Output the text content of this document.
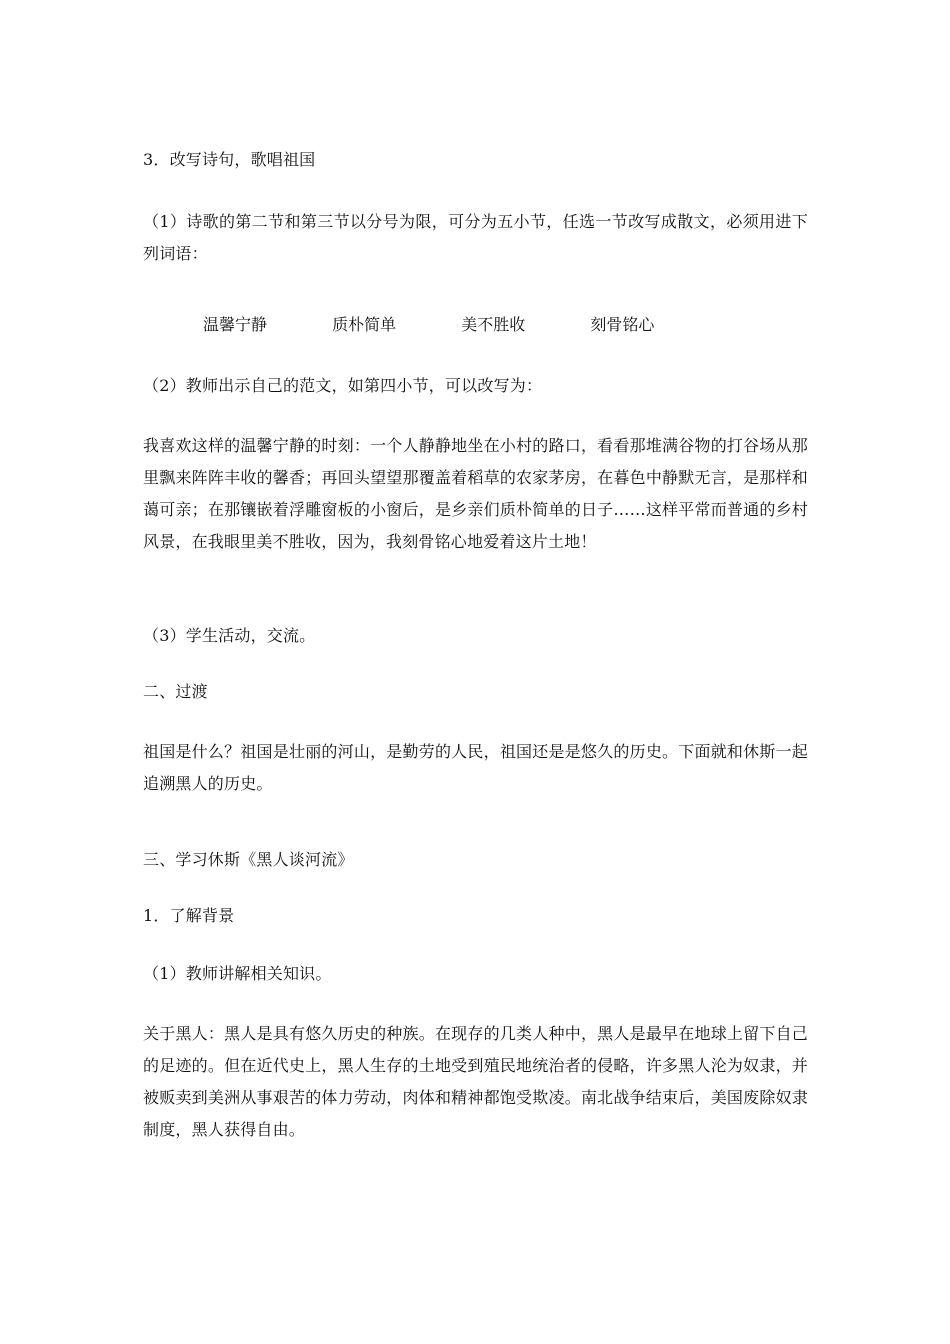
3．改写诗句，歌唱祖国
（1）诗歌的第二节和第三节以分号为限，可分为五小节，任选一节改写成散文，必须用进下列词语：
温馨宁静	质朴简单	美不胜收	刻骨铭心
（2）教师出示自己的范文，如第四小节，可以改写为：
我喜欢这样的温馨宁静的时刻：一个人静静地坐在小村的路口，看看那堆满谷物的打谷场从那里飘来阵阵丰收的馨香；再回头望望那覆盖着稻草的农家茅房，在暮色中静默无言，是那样和蔼可亲；在那镶嵌着浮雕窗板的小窗后，是乡亲们质朴简单的日子……这样平常而普通的乡村风景，在我眼里美不胜收，因为，我刻骨铭心地爱着这片土地！
（3）学生活动，交流。
二、过渡
祖国是什么？祖国是壮丽的河山，是勤劳的人民，祖国还是是悠久的历史。下面就和休斯一起追溯黑人的历史。
三、学习休斯《黑人谈河流》
1．了解背景
（1）教师讲解相关知识。
关于黑人：黑人是具有悠久历史的种族。在现存的几类人种中，黑人是最早在地球上留下自己的足迹的。但在近代史上，黑人生存的土地受到殖民地统治者的侵略，许多黑人沦为奴隶，并被贩卖到美洲从事艰苦的体力劳动，肉体和精神都饱受欺凌。南北战争结束后，美国废除奴隶制度，黑人获得自由。
